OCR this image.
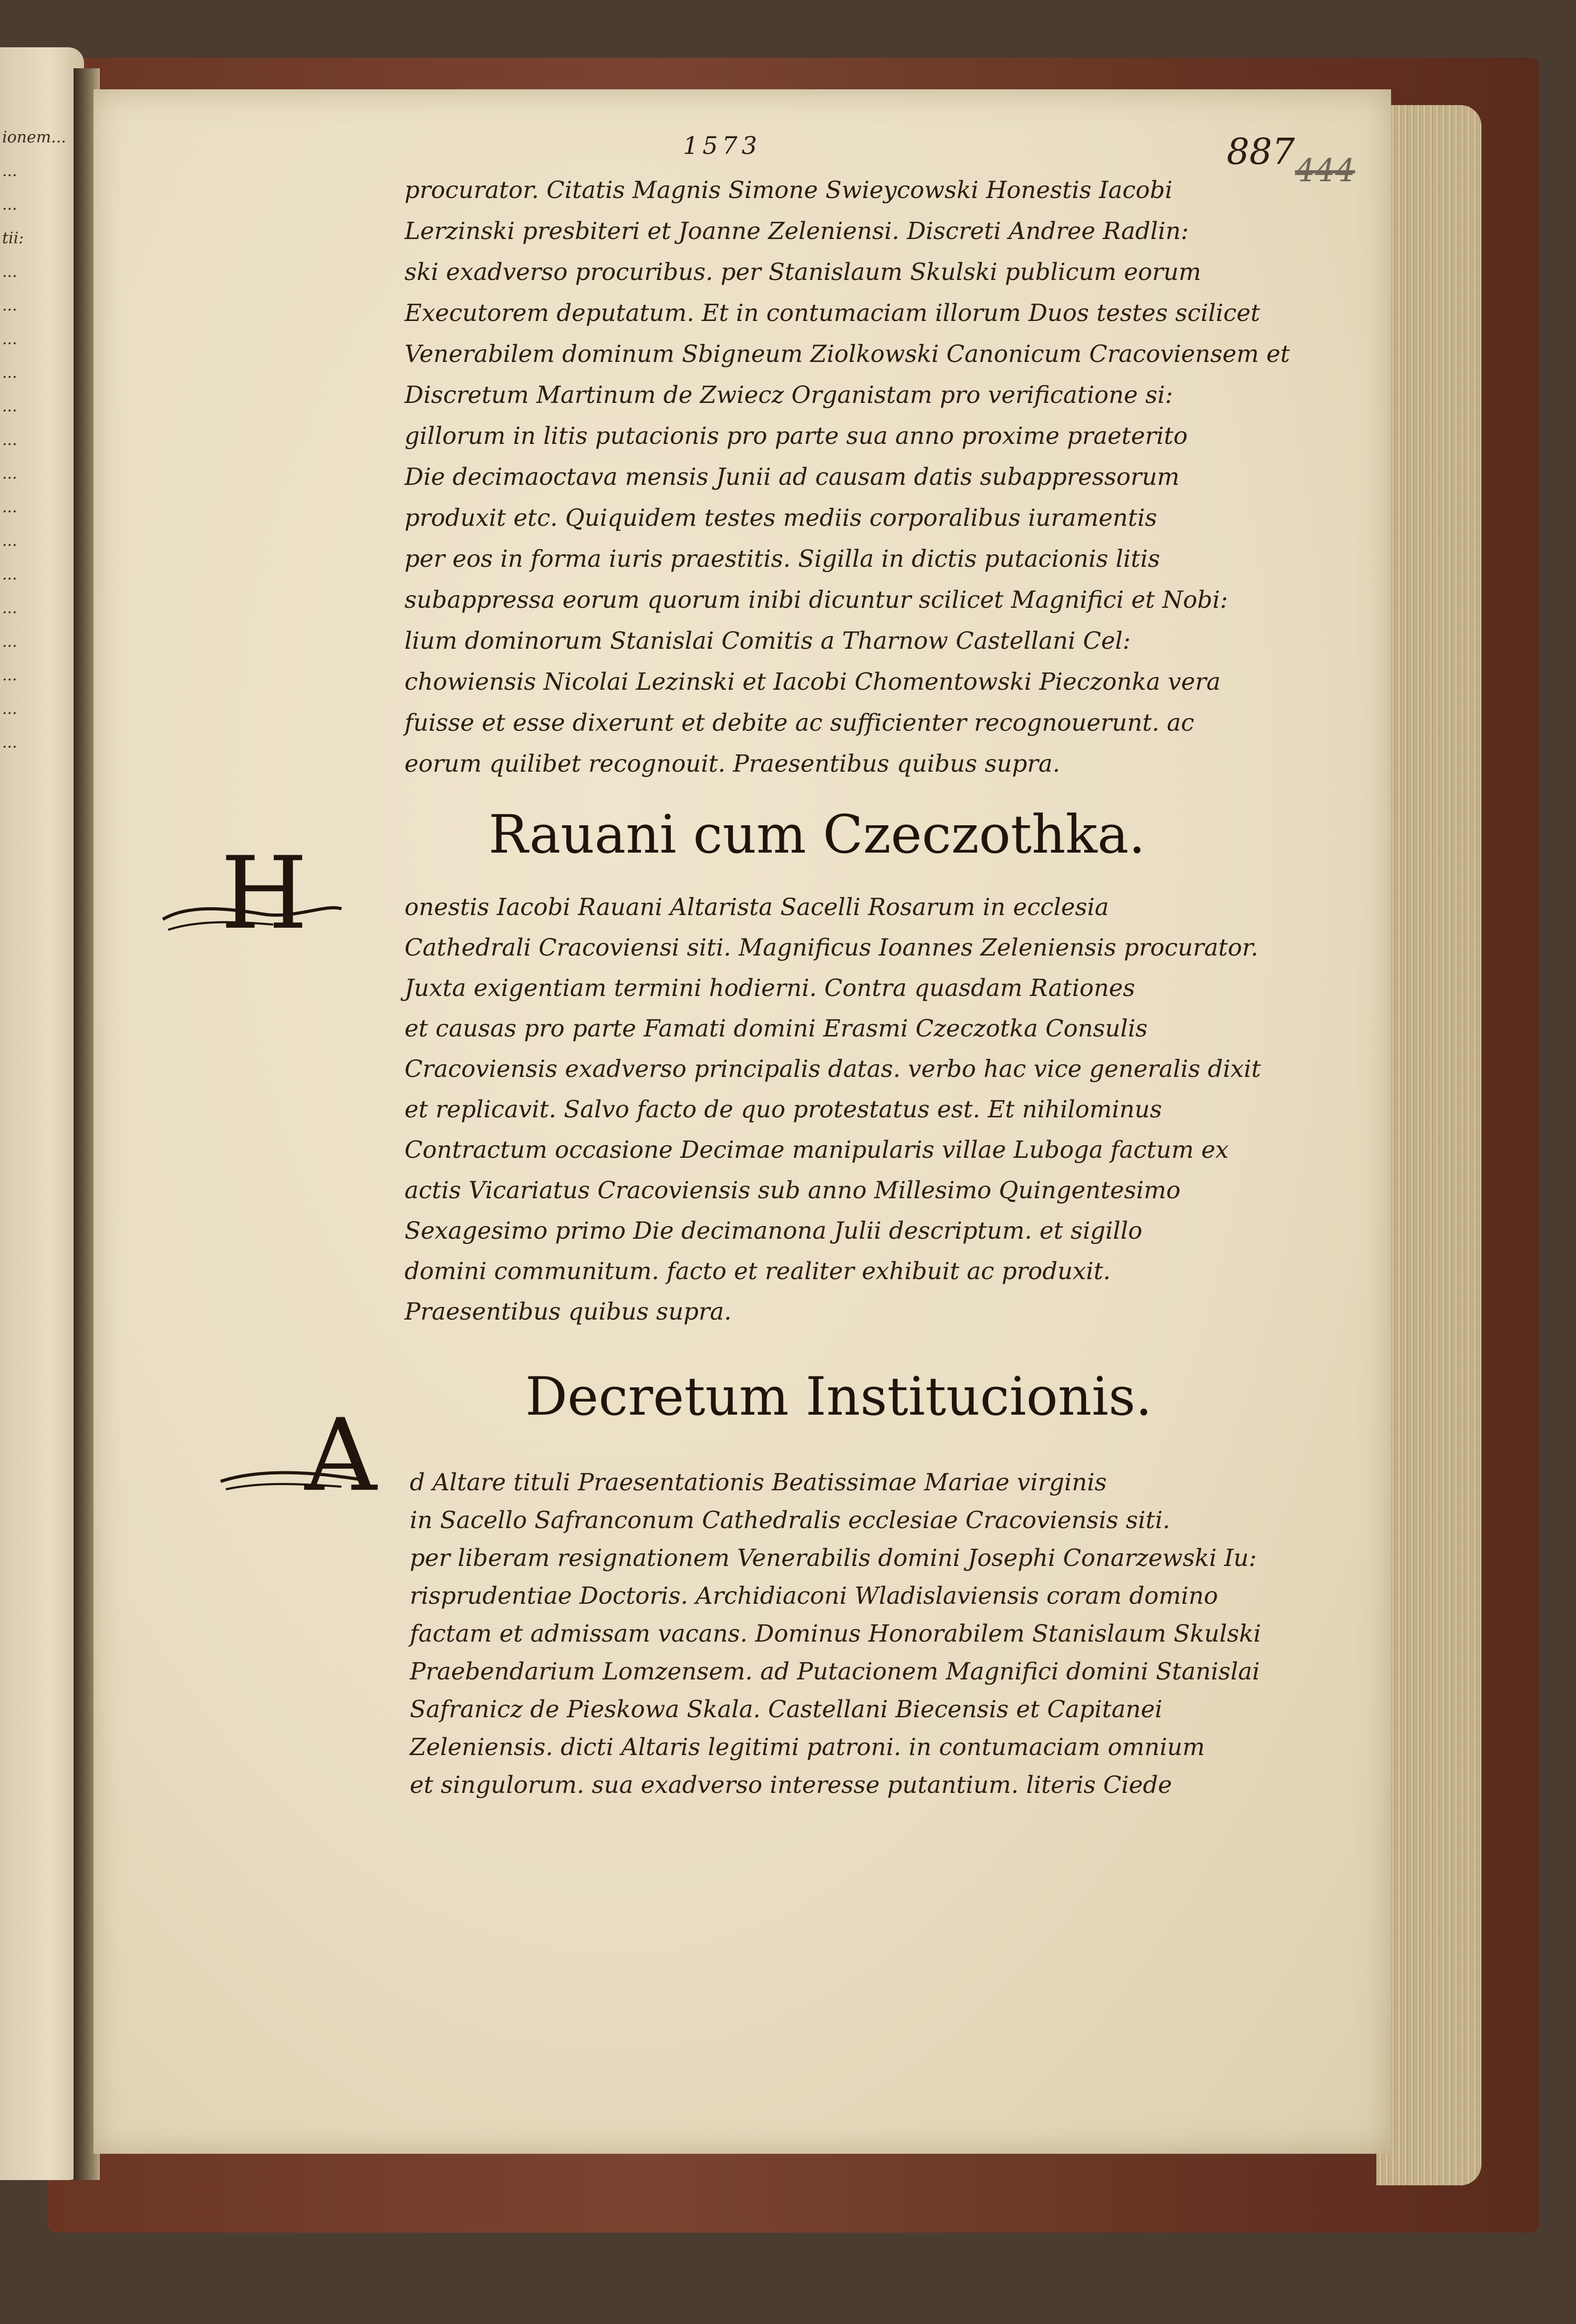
ionem...
...
...
tii:
...
...
...
...
...
...
...
...
...
...
...
...
...
...
...
1573	887 444
procurator. Citatis Magnis Simone Swieycowski Honestis Iacobi
Lerzinski presbiteri et Joanne Zeleniensi. Discreti Andree Radlin:
ski exadverso procuribus. per Stanislaum Skulski publicum eorum
Executorem deputatum. Et in contumaciam illorum Duos testes scilicet
Venerabilem dominum Sbigneum Ziolkowski Canonicum Cracoviensem et
Discretum Martinum de Zwiecz Organistam pro verificatione si:
gillorum in litis putacionis pro parte sua anno proxime praeterito
Die decimaoctava mensis Junii ad causam datis subappressorum
produxit etc. Quiquidem testes mediis corporalibus iuramentis
per eos in forma iuris praestitis. Sigilla in dictis putacionis litis
subappressa eorum quorum inibi dicuntur scilicet Magnifici et Nobi:
lium dominorum Stanislai Comitis a Tharnow Castellani Cel:
chowiensis Nicolai Lezinski et Iacobi Chomentowski Pieczonka vera
fuisse et esse dixerunt et debite ac sufficienter recognouerunt. ac
eorum quilibet recognouit. Praesentibus quibus supra.
Rauani cum Czeczothka.
H	onestis Iacobi Rauani Altarista Sacelli Rosarum in ecclesia
Cathedrali Cracoviensi siti. Magnificus Ioannes Zeleniensis procurator.
Juxta exigentiam termini hodierni. Contra quasdam Rationes
et causas pro parte Famati domini Erasmi Czeczotka Consulis
Cracoviensis exadverso principalis datas. verbo hac vice generalis dixit
et replicavit. Salvo facto de quo protestatus est. Et nihilominus
Contractum occasione Decimae manipularis villae Luboga factum ex
actis Vicariatus Cracoviensis sub anno Millesimo Quingentesimo
Sexagesimo primo Die decimanona Julii descriptum. et sigillo
domini communitum. facto et realiter exhibuit ac produxit.
Praesentibus quibus supra.
Decretum Institucionis.
A d Altare tituli Praesentationis Beatissimae Mariae virginis
in Sacello Safranconum Cathedralis ecclesiae Cracoviensis siti.
per liberam resignationem Venerabilis domini Josephi Conarzewski Iu:
risprudentiae Doctoris. Archidiaconi Wladislaviensis coram domino
factam et admissam vacans. Dominus Honorabilem Stanislaum Skulski
Praebendarium Lomzensem. ad Putacionem Magnifici domini Stanislai
Safranicz de Pieskowa Skala. Castellani Biecensis et Capitanei
Zeleniensis. dicti Altaris legitimi patroni. in contumaciam omnium
et singulorum. sua exadverso interesse putantium. literis Ciede
